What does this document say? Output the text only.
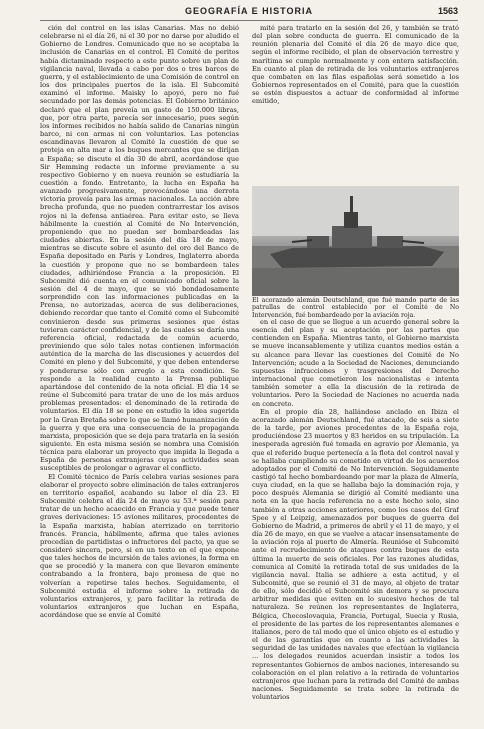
GEOGRAFÍA E HISTORIA	1563

ción del control en las islas Canarias. Mas no debió celebrarse ni el día 26, ni el 30 por no darse por aludido el Gobierno de Londres. Comunicado que no se aceptaba la inclusión de Canarias en el control. El Comité de peritos había dictaminado respecto a este punto sobre un plan de vigilancia naval, llevada a cabo por dos o tres barcos de guerra, y el establecimiento de una Comisión de control en los dos principales puertos de la isla. El Subcomité examinó el informe. Maisky lo apoyó, pero no fué secundado por las demás potencias. El Gobierno británico declaró que el plan preveía un gasto de 150.000 libras, que, por otra parte, parecía ser innecesario, pues según los informes recibidos no había salido de Canarias ningún barco, ni con armas ni con voluntarios. Las potencias escandinavas llevaron al Comité la cuestión de que se proteja en alta mar a los buques mercantes que se dirijan a España; se discute el día 30 de abril, acordándose que Sir Hemming redacte un informe previamente a su respectivo Gobierno y en nueva reunión se estudiaría la cuestión a fondo. Entretanto, la lucha en España ha avanzado progresivamente, provocándose una derrota victoria proveía para las armas nacionales. La acción abre brecha profunda, que no pueden contrarrestar los avisos rojos ni la defensa antiaérea. Para evitar esto, se lleva hábilmente la cuestión al Comité de No Intervención, proponiendo que no puedan ser bombardeadas las ciudades abiertas. En la sesión del día 18 de mayo, mientras se discute sobre el asunto del oro del Banco de España depositado en París y Londres, Inglaterra aborda la cuestión y propone que no se bombardeen tales ciudades, adhiriéndose Francia a la proposición. El Subcomité dió cuenta en el comunicado oficial sobre la sesión del 4 de mayo, que se vió bondadosamente sorprendido con las informaciones publicadas en la Prensa, no autorizadas, acerca de sus deliberaciones, debiendo recordar que tanto el Comité como el Subcomité convinieron desde sus primeras sesiones que éstas tuvieran carácter confidencial, y de las cuales se daría una referencia oficial, redactada de común acuerdo, previniendo que sólo tales notas contienen información auténtica de la marcha de las discusiones y acuerdos del Comité en pleno y del Subcomité, y que deben entenderse y ponderarse sólo con arreglo a esta condición. Se responde a la realidad cuanto la Prensa publique apartándose del contenido de la nota oficial. El día 14 se reúne el Subcomité para tratar de uno de los más arduos problemas presentados: el denominado de la retirada de voluntarios. El día 18 se pone en estudio la idea sugerida por la Gran Bretaña sobre lo que se llamó humanización de la guerra y que era una consecuencia de la propaganda marxista, proposición que se deja para tratarla en la sesión siguiente. En esta misma sesión se nombra una Comisión técnica para elaborar un proyecto que impida la llegada a España de personas extranjeras cuyas actividades sean susceptibles de prolongar o agravar el conflicto.

El Comité técnico de París celebra varias sesiones para elaborar el proyecto sobre eliminación de tales extranjeros en territorio español, acabando su labor el día 23. El Subcomité celebra el día 24 de mayo su 53.ª sesión para tratar de un hecho acaecido en Francia y que puede tener graves derivaciones: 15 aviones militares, procedentes de la España marxista, habían aterrizado en territorio francés. Francia, hábilmente, afirma que tales aviones procedían de partidistas o infractores del pacto, ya que se consideró sincera, pero, si en un texto en el que expone que tales hechos de incursión de tales aviones, la forma en que se procedió y la manera con que llevaron eminente contrabando a la frontera, bajo promesa de que no volverían a repetirse tales hechos. Seguidamente, el Subcomité estudia el informe sobre la retirada de voluntarios extranjeros, y, para facilitar la retirada de voluntarios extranjeros que luchan en España, acordándose que se envíe al Comité

mité para tratarlo en la sesión del 26, y también se trató del plan sobre conducta de guerra. El comunicado de la reunión plenaria del Comité el día 26 de mayo dice que, según el informe recibido, el plan de observación terrestre y marítima se cumple normalmente y con entera satisfacción. En cuanto al plan de retirada de los voluntarios extranjeros que combaten en las filas españolas será sometido a los Gobiernos representados en el Comité, para que la cuestión se estén dispuestos a actuar de conformidad al informe emitido,

El acorazado alemán Deutschland, que fué mando parte de las patrullas de control establecido por el Comité de No Intervención, fué bombardeado por la aviación roja.

en el caso de que se llegue a un acuerdo general sobre la esencia del plan y su aceptación por las partes que contienden en España. Mientras tanto, el Gobierno marxista se mueve incansablemente y utiliza cuantos medios están a su alcance para llevar las cuestiones del Comité de No Intervención; acude a la Sociedad de Naciones, denunciando supuestas infracciones y trasgresiones del Derecho internacional que cometieron los nacionalistas e intenta también someter a ella la discusión de la retirada de voluntarios. Pero la Sociedad de Naciones no acuerda nada en concreto.

En el propio día 28, hallándose anclado en Ibiza el acorazado alemán Deutschland, fué atacado, de seis a siete de la tarde, por aviones procedentes de la España roja, produciéndose 23 muertos y 83 heridos en su tripulación. La inesperada agresión fué tomada en agravio por Alemania, ya que el referido buque pertenecía a la flota del control naval y se hallaba cumpliendo su cometido en virtud de los acuerdos adoptados por el Comité de No Intervención. Seguidamente castigó tal hecho bombardeando por mar la plaza de Almería, cuya ciudad, en la que se hallaba bajo la dominación roja, y poco después Alemania se dirigió al Comité mediante una nota en la que hacía referencia no a este hecho solo, sino también a otras acciones anteriores, como los casos del Graf Spee y el Leipzig, amenazados por buques de guerra del Gobierno de Madrid, a primeros de abril y el 11 de mayo, y el día 26 de mayo, en que se vuelve a atacar insensatamente de la aviación roja al puerto de Almería. Reunióse el Subcomité ante el recrudecimiento de ataques contra buques de esta última la muerte de seis oficiales. Por las razones aludidas, comunica al Comité la retirada total de sus unidades de la vigilancia naval. Italia se adhiere a esta actitud, y el Subcomité, que se reunió el 31 de mayo, al objeto de tratar de ello, sólo decidió el Subcomité sin demora y se procura arbitrar medidas que eviten en lo sucesivo hechos de tal naturaleza. Se reúnen los representantes de Inglaterra, Bélgica, Checoslovaquia, Francia, Portugal, Suecia y Rusia, el presidente de las partes de los representantes alemanes e italianos, pero de tal modo que el único objeto es el estudio y el de las garantías que en cuanto a las actividades la seguridad de las unidades navales que efectúan la vigilancia ... los delegados reunidos acuerdan insistir a todos los representantes Gobiernos de ambos naciones, interesando su colaboración en el plan relativo a la retirada de voluntarios extranjeros que luchan para la retirada del Comité de ambas naciones. Seguidamente se trata sobre la retirada de voluntarios
